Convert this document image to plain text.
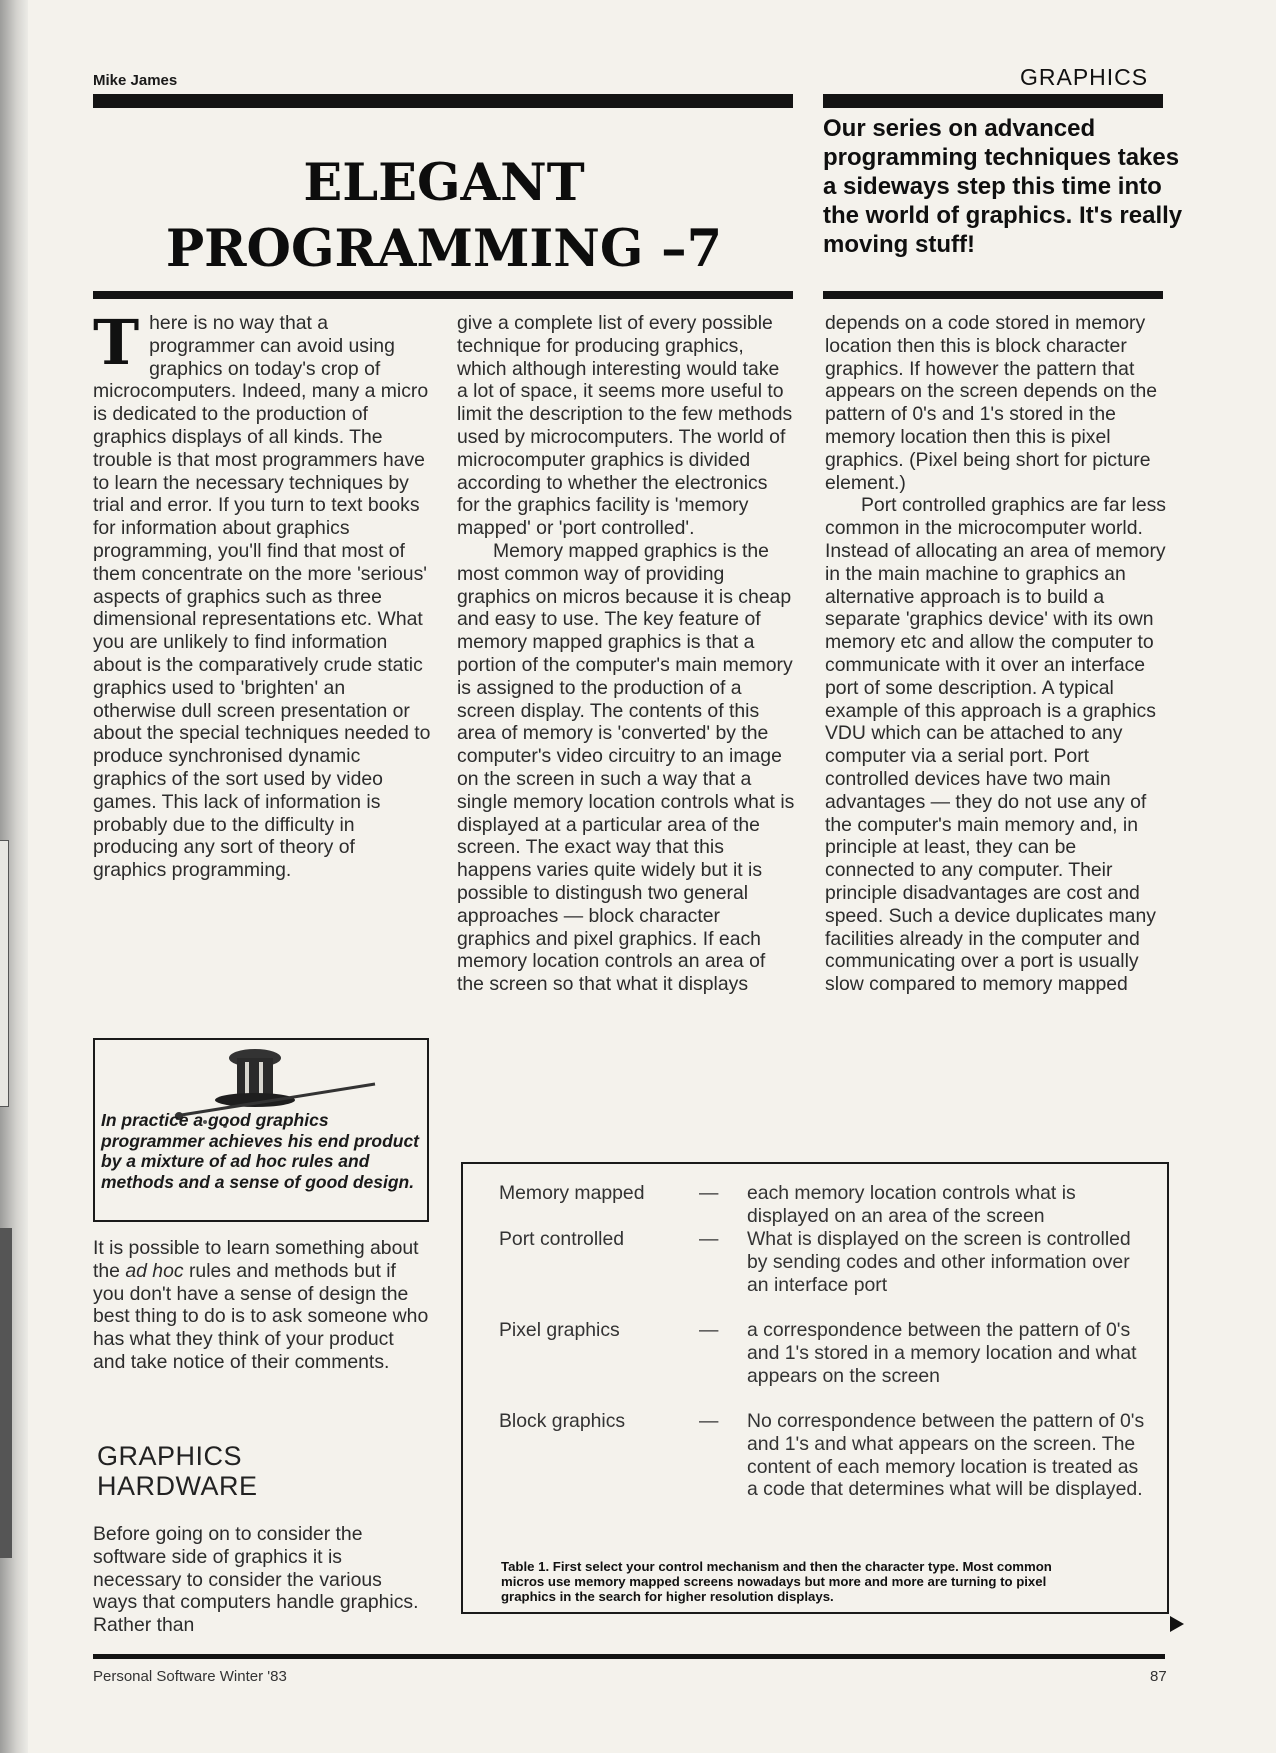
Mike James	GRAPHICS
ELEGANT
PROGRAMMING –7
Our series on advanced programming techniques takes a sideways step this time into the world of graphics. It's really moving stuff!

T here is no way that a programmer can avoid using graphics on today's crop of microcomputers. Indeed, many a micro is dedicated to the production of graphics displays of all kinds. The trouble is that most programmers have to learn the necessary techniques by trial and error. If you turn to text books for information about graphics programming, you'll find that most of them concentrate on the more 'serious' aspects of graphics such as three dimensional representations etc. What you are unlikely to find information about is the comparatively crude static graphics used to 'brighten' an otherwise dull screen presentation or about the special techniques needed to produce synchronised dynamic graphics of the sort used by video games. This lack of information is probably due to the difficulty in producing any sort of theory of graphics programming.

In practice a good graphics programmer achieves his end product by a mixture of ad hoc rules and methods and a sense of good design.

It is possible to learn something about the ad hoc rules and methods but if you don't have a sense of design the best thing to do is to ask someone who has what they think of your product and take notice of their comments.

GRAPHICS
HARDWARE

Before going on to consider the software side of graphics it is necessary to consider the various ways that computers handle graphics. Rather than

give a complete list of every possible technique for producing graphics, which although interesting would take a lot of space, it seems more useful to limit the description to the few methods used by microcomputers. The world of microcomputer graphics is divided according to whether the electronics for the graphics facility is 'memory mapped' or 'port controlled'.

Memory mapped graphics is the most common way of providing graphics on micros because it is cheap and easy to use. The key feature of memory mapped graphics is that a portion of the computer's main memory is assigned to the production of a screen display. The contents of this area of memory is 'converted' by the computer's video circuitry to an image on the screen in such a way that a single memory location controls what is displayed at a particular area of the screen. The exact way that this happens varies quite widely but it is possible to distingush two general approaches — block character graphics and pixel graphics. If each memory location controls an area of the screen so that what it displays

depends on a code stored in memory location then this is block character graphics. If however the pattern that appears on the screen depends on the pattern of 0's and 1's stored in the memory location then this is pixel graphics. (Pixel being short for picture element.)

Port controlled graphics are far less common in the microcomputer world. Instead of allocating an area of memory in the main machine to graphics an alternative approach is to build a separate 'graphics device' with its own memory etc and allow the computer to communicate with it over an interface port of some description. A typical example of this approach is a graphics VDU which can be attached to any computer via a serial port. Port controlled devices have two main advantages — they do not use any of the computer's main memory and, in principle at least, they can be connected to any computer. Their principle disadvantages are cost and speed. Such a device duplicates many facilities already in the computer and communicating over a port is usually slow compared to memory mapped

Memory mapped	— each memory location controls what is displayed on an area of the screen
Port controlled	— What is displayed on the screen is controlled by sending codes and other information over an interface port
Pixel graphics	— a correspondence between the pattern of 0's and 1's stored in a memory location and what appears on the screen
Block graphics	— No correspondence between the pattern of 0's and 1's and what appears on the screen. The content of each memory location is treated as a code that determines what will be displayed.
Table 1. First select your control mechanism and then the character type. Most common micros use memory mapped screens nowadays but more and more are turning to pixel graphics in the search for higher resolution displays.
Personal Software Winter '83	87
